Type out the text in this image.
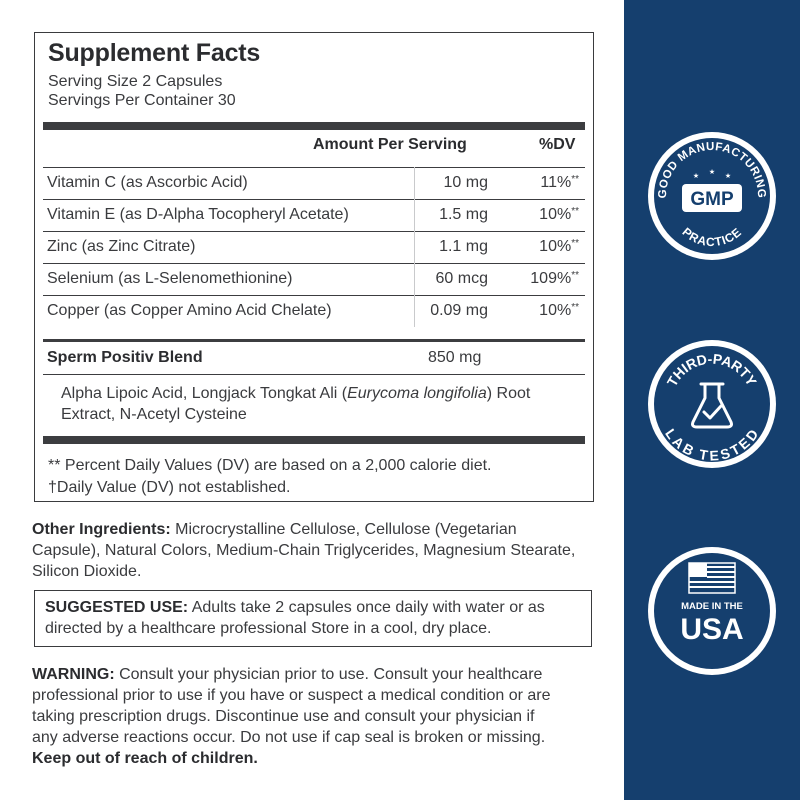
Supplement Facts
Serving Size 2 Capsules
Servings Per Container 30
Amount Per Serving	%DV
Vitamin C (as Ascorbic Acid)	10 mg	11%**
Vitamin E (as D-Alpha Tocopheryl Acetate)	1.5 mg	10%**
Zinc (as Zinc Citrate)	1.1 mg	10%**
Selenium (as L-Selenomethionine)	60 mcg	109%**
Copper (as Copper Amino Acid Chelate)	0.09 mg	10%**
Sperm Positiv Blend	850 mg
Alpha Lipoic Acid, Longjack Tongkat Ali (Eurycoma longifolia) Root Extract, N-Acetyl Cysteine
** Percent Daily Values (DV) are based on a 2,000 calorie diet.
†Daily Value (DV) not established.
Other Ingredients: Microcrystalline Cellulose, Cellulose (Vegetarian Capsule), Natural Colors, Medium-Chain Triglycerides, Magnesium Stearate, Silicon Dioxide.
SUGGESTED USE: Adults take 2 capsules once daily with water or as directed by a healthcare professional Store in a cool, dry place.
WARNING: Consult your physician prior to use. Consult your healthcare professional prior to use if you have or suspect a medical condition or are taking prescription drugs. Discontinue use and consult your physician if any adverse reactions occur. Do not use if cap seal is broken or missing. Keep out of reach of children.
GOOD MANUFACTURING
PRACTICE
★
★
★
GMP
THIRD-PARTY
LAB TESTED
MADE IN THE
USA
